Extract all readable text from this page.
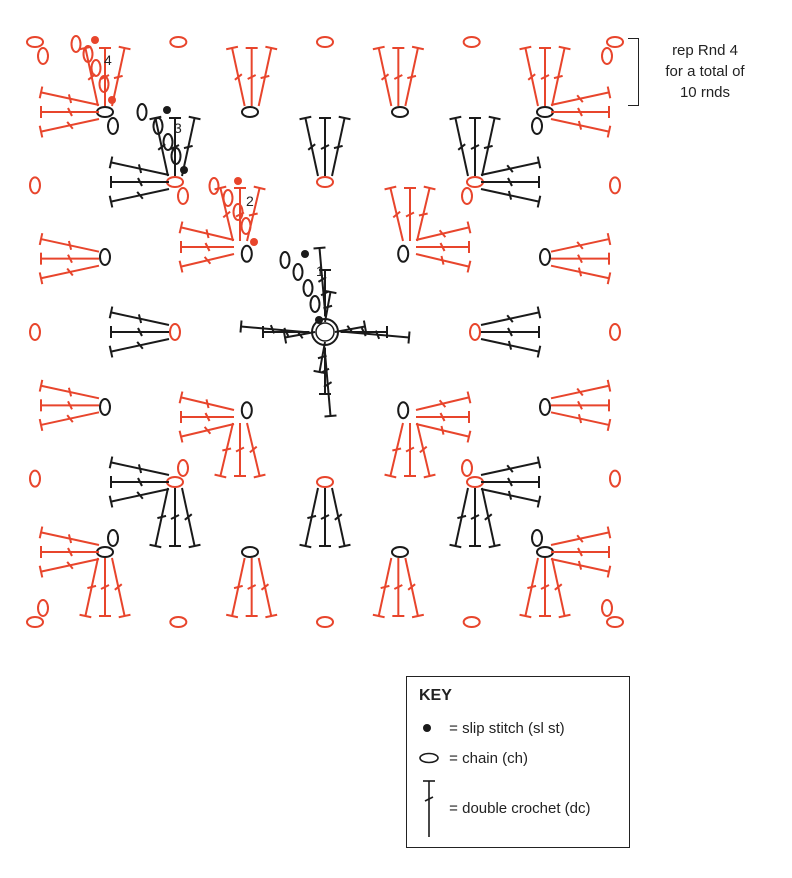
1
2
3
4
rep Rnd 4
for a total of
10 rnds
KEY
= slip stitch (sl st)
= chain (ch)
= double crochet (dc)
